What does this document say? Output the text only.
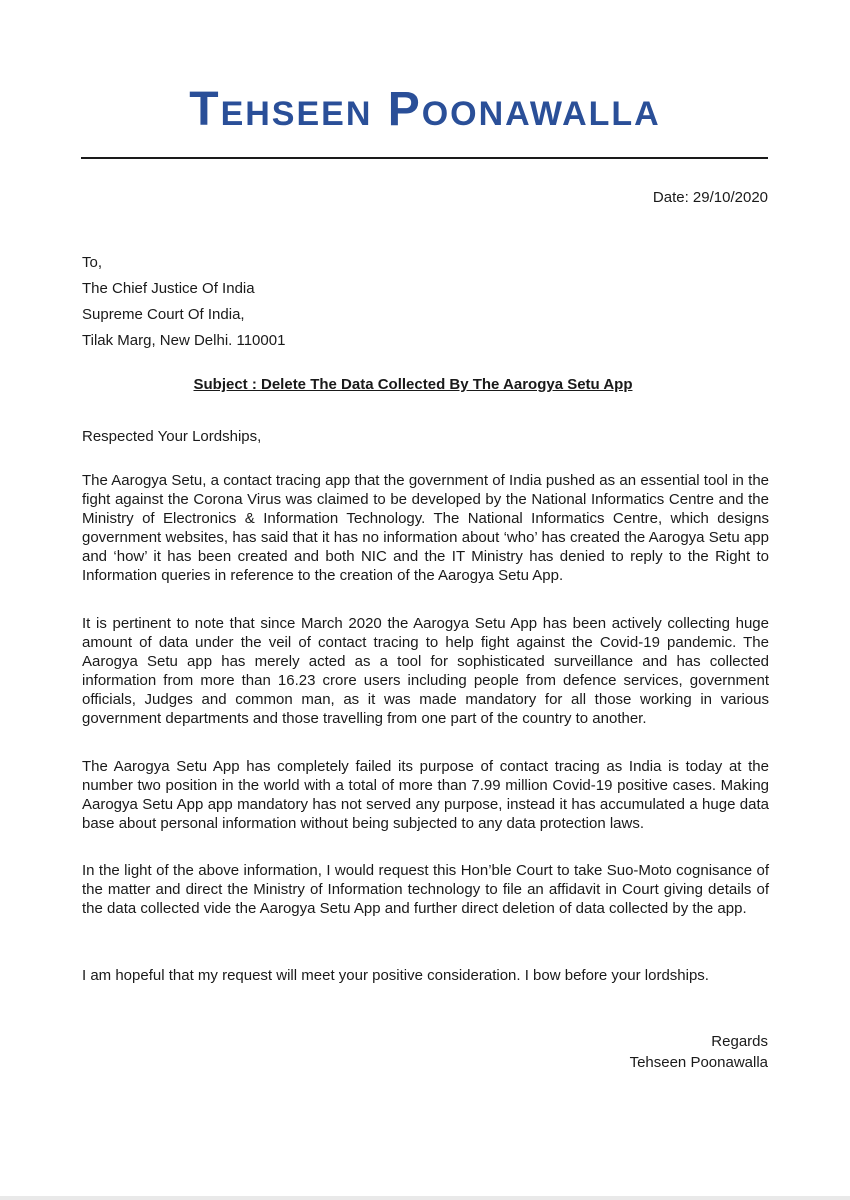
Tehseen Poonawalla
Date: 29/10/2020
To,
The Chief Justice Of India
Supreme Court Of India,
Tilak Marg, New Delhi. 110001
Subject : Delete The Data Collected By The Aarogya Setu App
Respected Your Lordships,

The Aarogya Setu, a contact tracing app that the government of India pushed as an essential tool in the fight against the Corona Virus was claimed to be developed by the National Informatics Centre and the Ministry of Electronics & Information Technology. The National Informatics Centre, which designs government websites, has said that it has no information about ‘who’ has created the Aarogya Setu app and ‘how’ it has been created and both NIC and the IT Ministry has denied to reply to the Right to Information queries in reference to the creation of the Aarogya Setu App.

It is pertinent to note that since March 2020 the Aarogya Setu App has been actively collecting huge amount of data under the veil of contact tracing to help fight against the Covid-19 pandemic. The Aarogya Setu app has merely acted as a tool for sophisticated surveillance and has collected information from more than 16.23 crore users including people from defence services, government officials, Judges and common man, as it was made mandatory for all those working in various government departments and those travelling from one part of the country to another.

The Aarogya Setu App has completely failed its purpose of contact tracing as India is today at the number two position in the world with a total of more than 7.99 million Covid-19 positive cases. Making Aarogya Setu App app mandatory has not served any purpose, instead it has accumulated a huge data base about personal information without being subjected to any data protection laws.

In the light of the above information, I would request this Hon’ble Court to take Suo-Moto cognisance of the matter and direct the Ministry of Information technology to file an affidavit in Court giving details of the data collected vide the Aarogya Setu App and further direct deletion of data collected by the app.

I am hopeful that my request will meet your positive consideration. I bow before your lordships.

Regards
Tehseen Poonawalla
